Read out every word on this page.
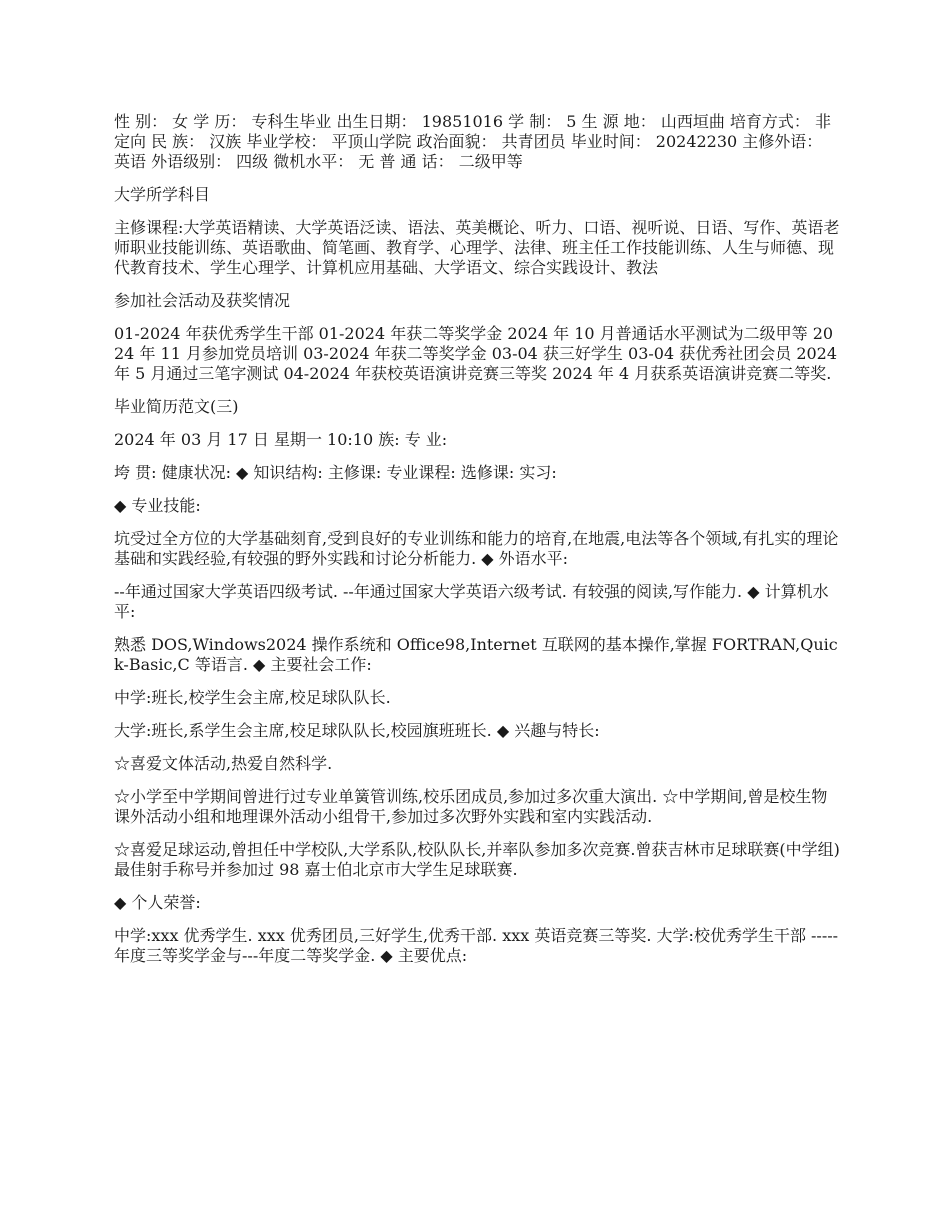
性 别： 女 学 历： 专科生毕业 出生日期： 19851016 学 制： 5 生 源 地： 山西垣曲 培育方式： 非定向 民 族： 汉族 毕业学校： 平顶山学院 政治面貌： 共青团员 毕业时间： 20242230 主修外语： 英语 外语级别： 四级 微机水平： 无 普 通 话： 二级甲等

大学所学科目

主修课程:大学英语精读、大学英语泛读、语法、英美概论、听力、口语、视听说、日语、写作、英语老师职业技能训练、英语歌曲、简笔画、教育学、心理学、法律、班主任工作技能训练、人生与师德、现代教育技术、学生心理学、计算机应用基础、大学语文、综合实践设计、教法

参加社会活动及获奖情况

01-2024 年获优秀学生干部 01-2024 年获二等奖学金 2024 年 10 月普通话水平测试为二级甲等 2024 年 11 月参加党员培训 03-2024 年获二等奖学金 03-04 获三好学生 03-04 获优秀社团会员 2024 年 5 月通过三笔字测试 04-2024 年获校英语演讲竞赛三等奖 2024 年 4 月获系英语演讲竞赛二等奖.

毕业简历范文(三)

2024 年 03 月 17 日 星期一 10:10 族: 专 业:

垮 贯: 健康状况: ◆ 知识结构: 主修课: 专业课程: 选修课: 实习:

◆ 专业技能:

坑受过全方位的大学基础刻育,受到良好的专业训练和能力的培育,在地震,电法等各个领域,有扎实的理论基础和实践经验,有较强的野外实践和讨论分析能力. ◆ 外语水平:

--年通过国家大学英语四级考试. --年通过国家大学英语六级考试. 有较强的阅读,写作能力. ◆ 计算机水平:

熟悉 DOS,Windows2024 操作系统和 Office98,Internet 互联网的基本操作,掌握 FORTRAN,Quick-Basic,C 等语言. ◆ 主要社会工作:

中学:班长,校学生会主席,校足球队队长.

大学:班长,系学生会主席,校足球队队长,校园旗班班长. ◆ 兴趣与特长:

☆喜爱文体活动,热爱自然科学.

☆小学至中学期间曾进行过专业单簧管训练,校乐团成员,参加过多次重大演出. ☆中学期间,曾是校生物课外活动小组和地理课外活动小组骨干,参加过多次野外实践和室内实践活动.

☆喜爱足球运动,曾担任中学校队,大学系队,校队队长,并率队参加多次竞赛.曾获吉林市足球联赛(中学组)最佳射手称号并参加过 98 嘉士伯北京市大学生足球联赛.

◆ 个人荣誉:

中学:xxx 优秀学生. xxx 优秀团员,三好学生,优秀干部. xxx 英语竞赛三等奖. 大学:校优秀学生干部 -----年度三等奖学金与---年度二等奖学金. ◆ 主要优点:
